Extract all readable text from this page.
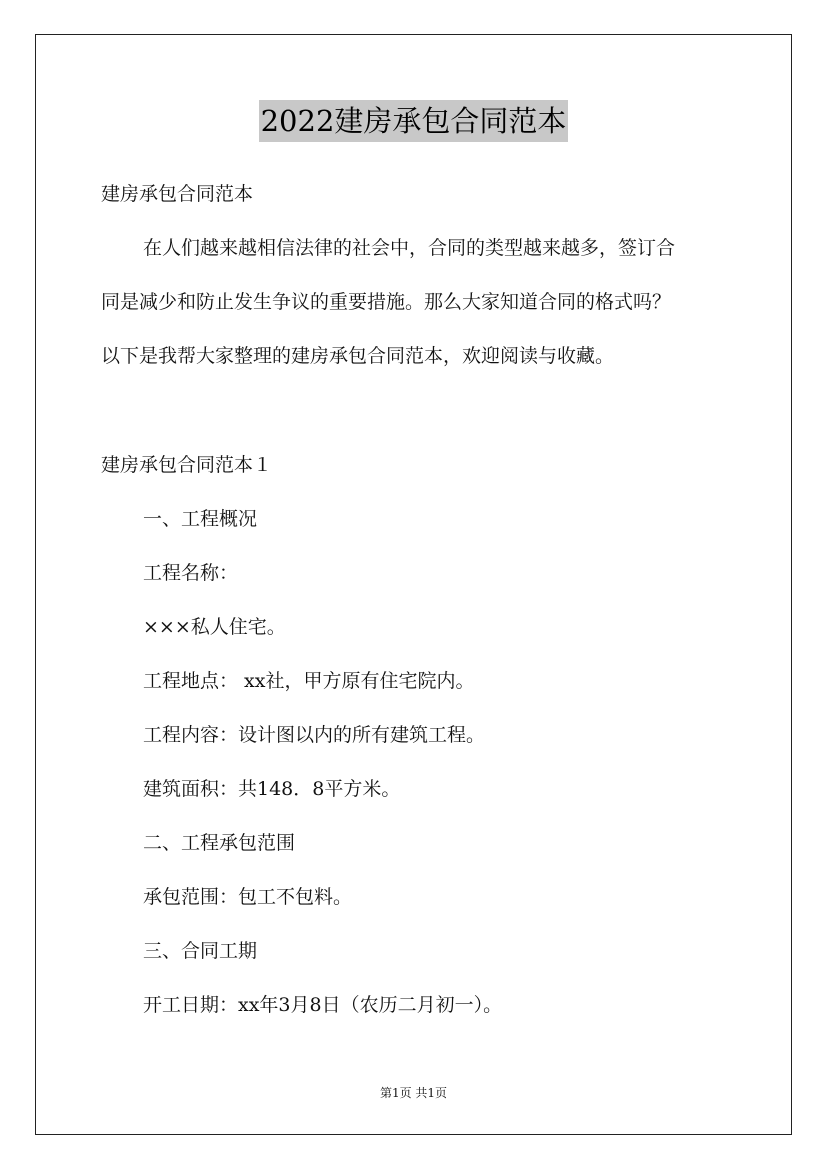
2022建房承包合同范本
建房承包合同范本
在人们越来越相信法律的社会中，合同的类型越来越多，签订合
同是减少和防止发生争议的重要措施。那么大家知道合同的格式吗？
以下是我帮大家整理的建房承包合同范本，欢迎阅读与收藏。
建房承包合同范本１
一、工程概况
工程名称：
×××私人住宅。
工程地点： xx社，甲方原有住宅院内。
工程内容：设计图以内的所有建筑工程。
建筑面积：共148．8平方米。
二、工程承包范围
承包范围：包工不包料。
三、合同工期
开工日期：xx年3月8日（农历二月初一）。
第1页 共1页
